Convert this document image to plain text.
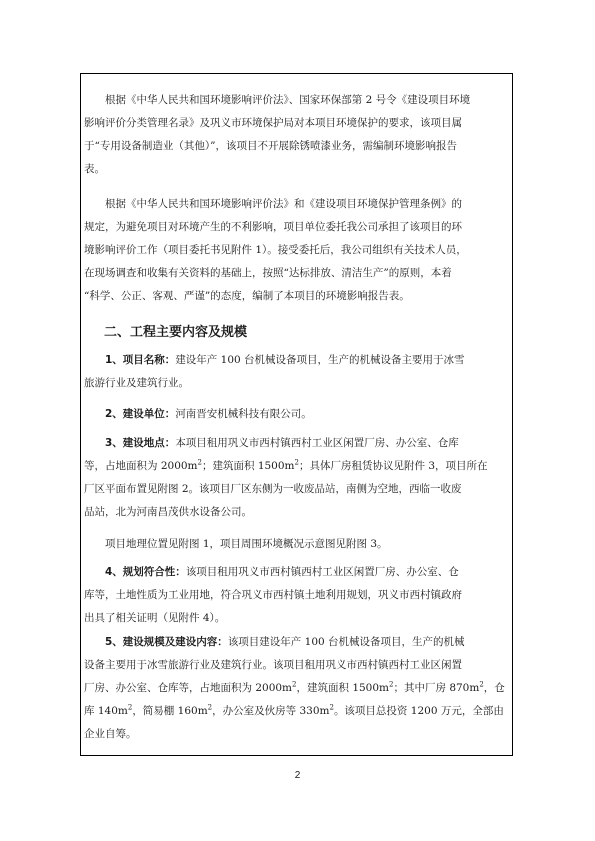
根据《中华人民共和国环境影响评价法》、国家环保部第 2 号令《建设项目环境
影响评价分类管理名录》及巩义市环境保护局对本项目环境保护的要求，该项目属
于“专用设备制造业（其他）”，该项目不开展除锈喷漆业务，需编制环境影响报告
表。
根据《中华人民共和国环境影响评价法》和《建设项目环境保护管理条例》的
规定，为避免项目对环境产生的不利影响，项目单位委托我公司承担了该项目的环
境影响评价工作（项目委托书见附件 1）。接受委托后，我公司组织有关技术人员，
在现场调查和收集有关资料的基础上，按照“达标排放、清洁生产”的原则，本着
“科学、公正、客观、严谨”的态度，编制了本项目的环境影响报告表。
二、工程主要内容及规模
1、项目名称：建设年产 100 台机械设备项目，生产的机械设备主要用于冰雪
旅游行业及建筑行业。
2、建设单位：河南晋安机械科技有限公司。
3、建设地点：本项目租用巩义市西村镇西村工业区闲置厂房、办公室、仓库
等，占地面积为 $2000m^2$；建筑面积 $1500m^2$；具体厂房租赁协议见附件 3，项目所在
厂区平面布置见附图 2。该项目厂区东侧为一收废品站，南侧为空地，西临一收废
品站，北为河南昌茂供水设备公司。
项目地理位置见附图 1，项目周围环境概况示意图见附图 3。
4、规划符合性：该项目租用巩义市西村镇西村工业区闲置厂房、办公室、仓
库等，土地性质为工业用地，符合巩义市西村镇土地利用规划，巩义市西村镇政府
出具了相关证明（见附件 4）。
5、建设规模及建设内容：该项目建设年产 100 台机械设备项目，生产的机械
设备主要用于冰雪旅游行业及建筑行业。该项目租用巩义市西村镇西村工业区闲置
厂房、办公室、仓库等，占地面积为 $2000m^2$，建筑面积 $1500m^2$；其中厂房 $870m^2$，仓
库 $140m^2$，简易棚 $160m^2$，办公室及伙房等 $330m^2$。该项目总投资 1200 万元，全部由
企业自筹。
2
